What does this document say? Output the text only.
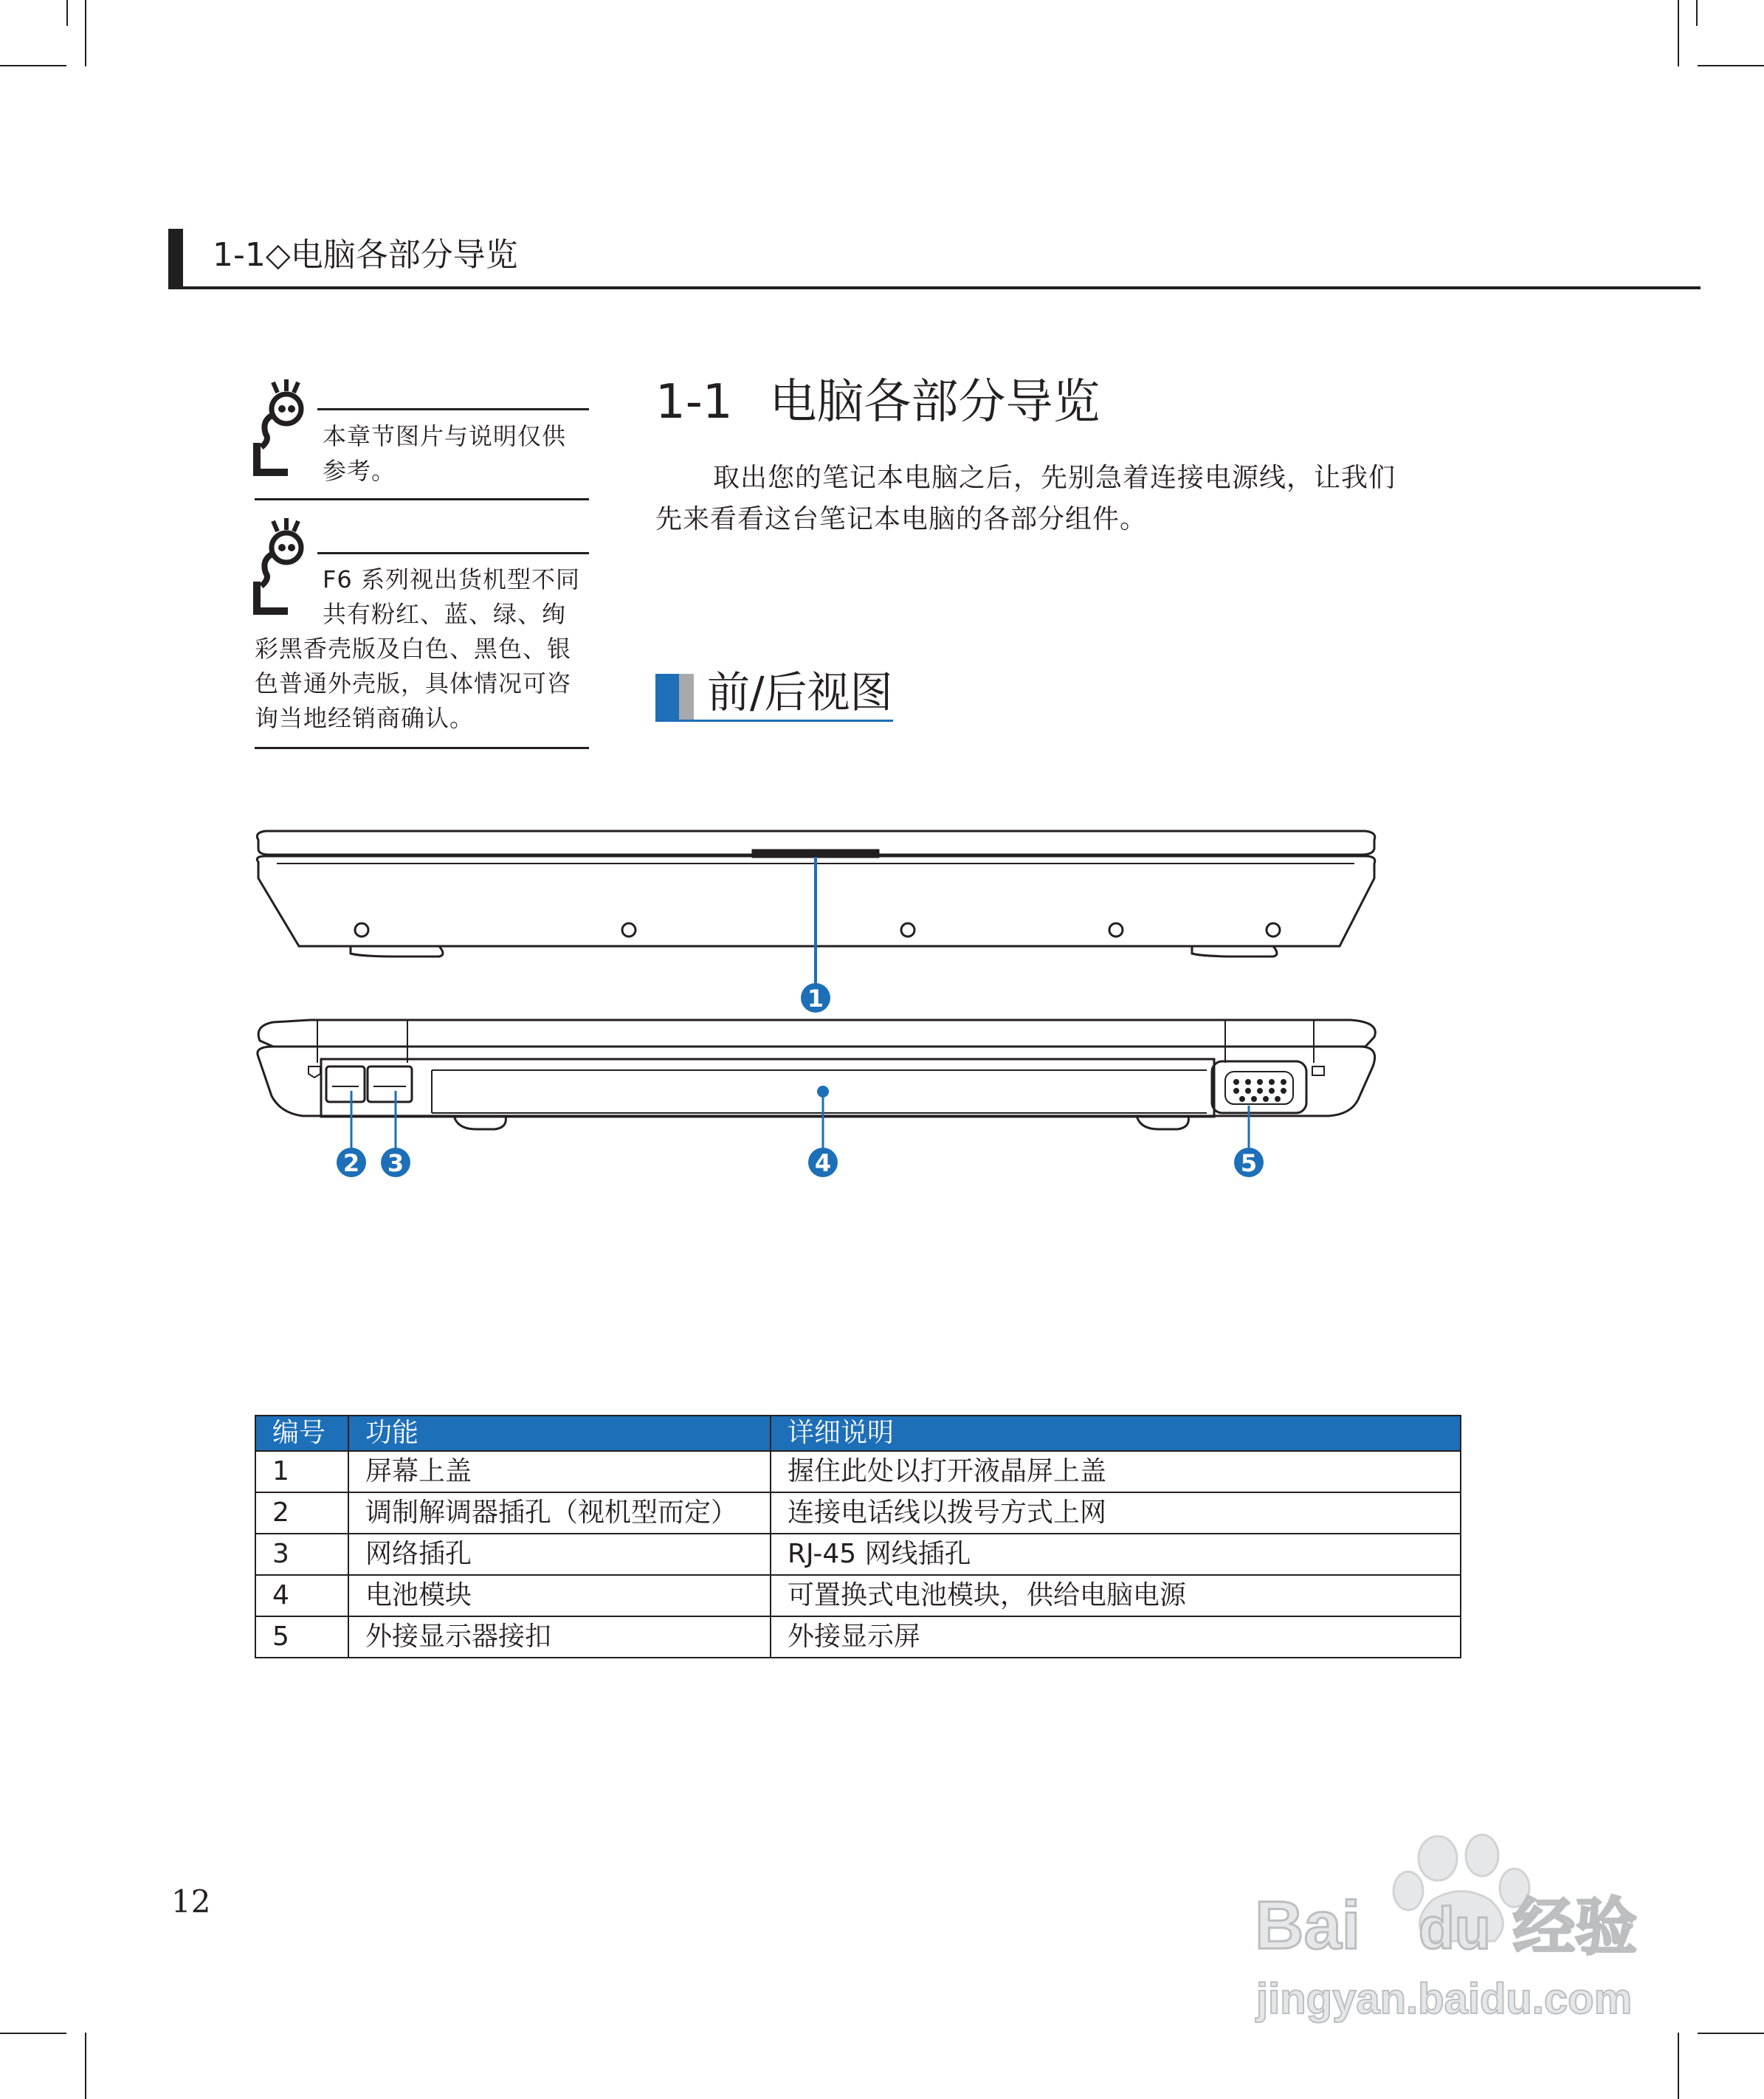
1-1◇电脑各部分导览
本章节图片与说明仅供
参考。
F6 系列视出货机型不同
共有粉红、蓝、绿、绚
彩黑香壳版及白色、黑色、银
色普通外壳版，具体情况可咨
询当地经销商确认。
1-1 电脑各部分导览
取出您的笔记本电脑之后，先别急着连接电源线，让我们
先来看看这台笔记本电脑的各部分组件。
前/后视图
1
2 3	4	5
编号	功能	详细说明
1	屏幕上盖	握住此处以打开液晶屏上盖
2	调制解调器插孔（视机型而定）	连接电话线以拨号方式上网
3	网络插孔	RJ-45 网线插孔
4	电池模块	可置换式电池模块，供给电脑电源
5	外接显示器接扣	外接显示屏
12	Bai du 经验
jingyan.baidu.com
